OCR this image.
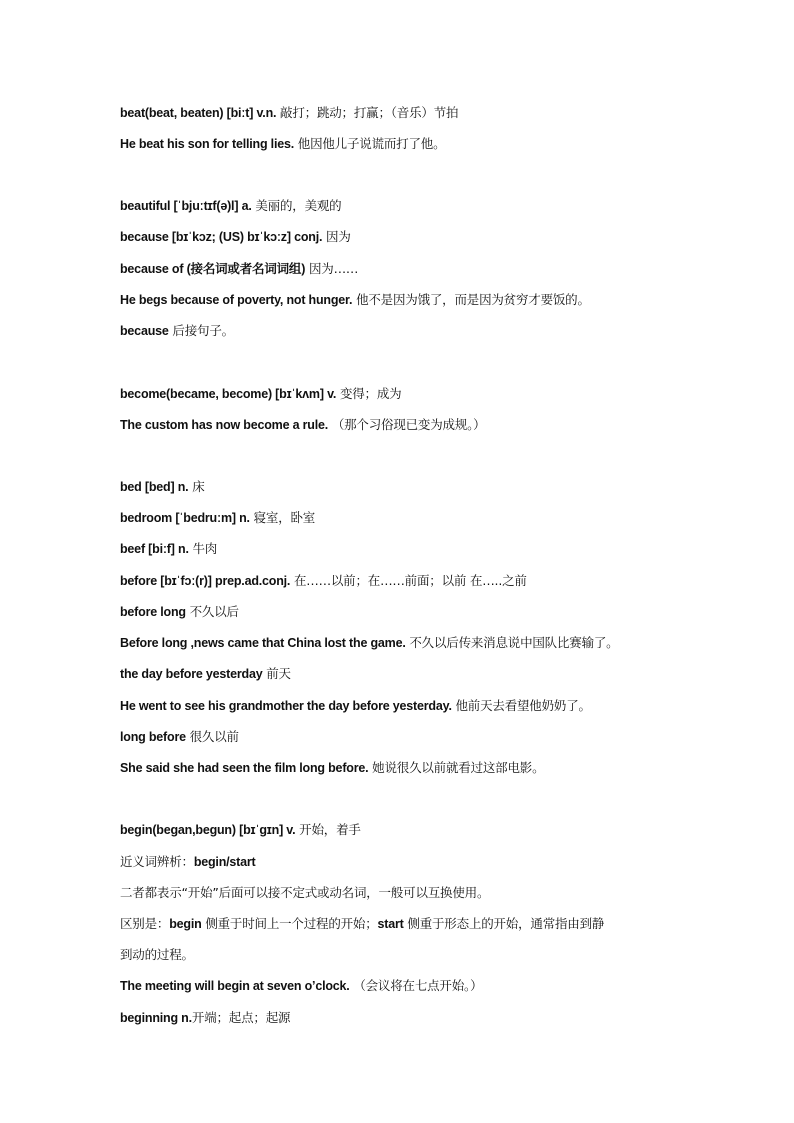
beat(beat, beaten) [biːt] v.n. 敲打；跳动；打赢；（音乐）节拍
He beat his son for telling lies. 他因他儿子说谎而打了他。
beautiful [ˈbjuːtɪf(ə)l] a. 美丽的，美观的
because [bɪˈkɔz; (US) bɪˈkɔːz] conj. 因为
because of (接名词或者名词词组) 因为……
He begs because of poverty, not hunger. 他不是因为饿了，而是因为贫穷才要饭的。
because 后接句子。
become(became, become) [bɪˈkʌm] v. 变得；成为
The custom has now become a rule. （那个习俗现已变为成规。）
bed [bed] n. 床
bedroom [ˈbedruːm] n. 寝室，卧室
beef [biːf] n. 牛肉
before [bɪˈfɔː(r)] prep.ad.conj. 在……以前；在……前面；以前 在…..之前
before long 不久以后
Before long ,news came that China lost the game. 不久以后传来消息说中国队比赛输了。
the day before yesterday 前天
He went to see his grandmother the day before yesterday. 他前天去看望他奶奶了。
long before 很久以前
She said she had seen the film long before. 她说很久以前就看过这部电影。
begin(began,begun) [bɪˈɡɪn] v. 开始，着手
近义词辨析：begin/start
二者都表示“开始”后面可以接不定式或动名词，一般可以互换使用。
区别是：begin 侧重于时间上一个过程的开始；start 侧重于形态上的开始，通常指由到静
到动的过程。
The meeting will begin at seven o’clock. （会议将在七点开始。）
beginning n.开端；起点；起源
